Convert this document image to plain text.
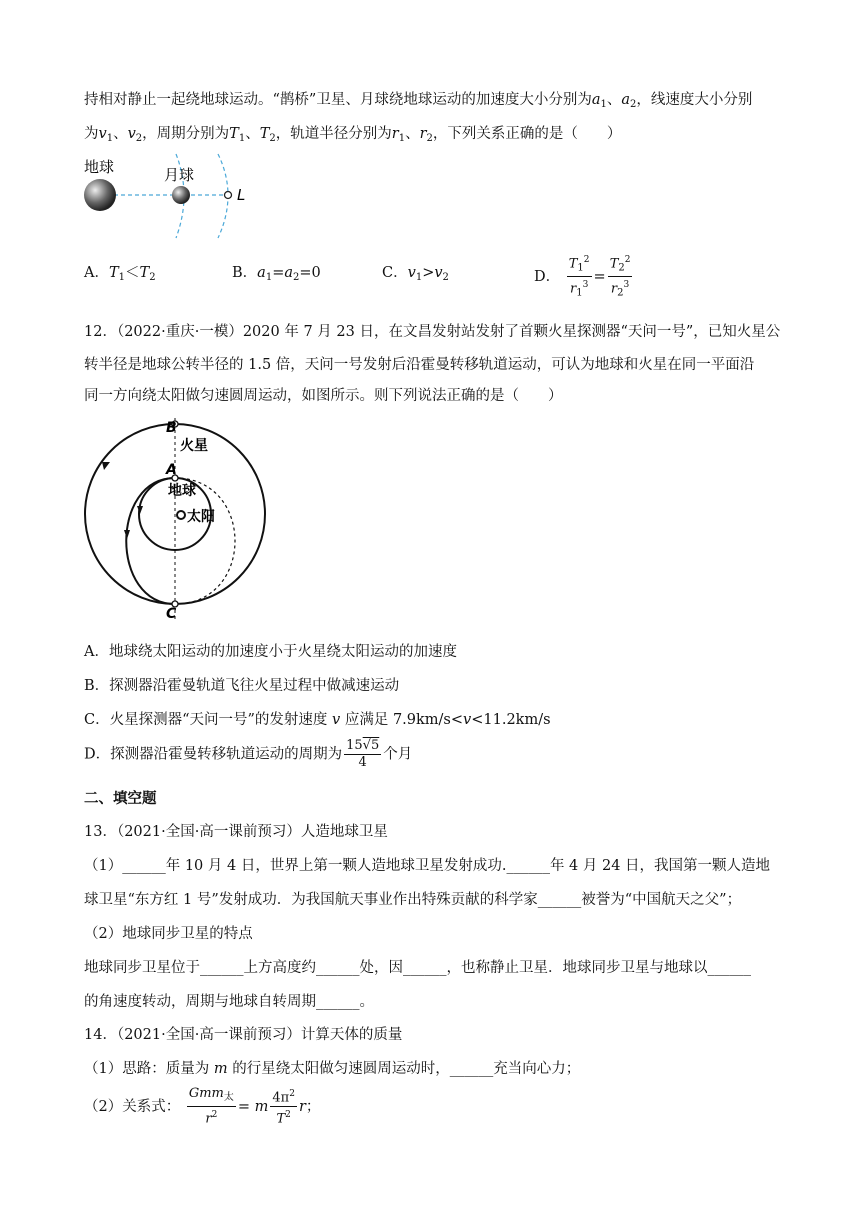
持相对静止一起绕地球运动。“鹊桥”卫星、月球绕地球运动的加速度大小分别为$a_1$、$a_2$，线速度大小分别
为$v_1$、$v_2$，周期分别为$T_1$、$T_2$，轨道半径分别为$r_1$、$r_2$，下列关系正确的是（　　）
地球	月球
L
A．$T_1<T_2$	B．$a_1=a_2=0$	C．$v_1>v_2$	D． $\frac{T_1^2}{r_1^3} = \frac{T_2^2}{r_2^3}$
12．（2022·重庆·一模）2020 年 7 月 23 日，在文昌发射站发射了首颗火星探测器“天问一号”，已知火星公
转半径是地球公转半径的 1.5 倍，天问一号发射后沿霍曼转移轨道运动，可认为地球和火星在同一平面沿
同一方向绕太阳做匀速圆周运动，如图所示。则下列说法正确的是（　　）
B
A
C
火星
地球
太阳
A．地球绕太阳运动的加速度小于火星绕太阳运动的加速度
B．探测器沿霍曼轨道飞往火星过程中做减速运动
C．火星探测器“天问一号”的发射速度 v 应满足 7.9km/s<v<11.2km/s
D．探测器沿霍曼转移轨道运动的周期为 $\frac{15√5}{4}$ 个月
二、填空题
13．（2021·全国·高一课前预习）人造地球卫星
（1）______年 10 月 4 日，世界上第一颗人造地球卫星发射成功.______年 4 月 24 日，我国第一颗人造地
球卫星“东方红 1 号”发射成功．为我国航天事业作出特殊贡献的科学家______被誉为“中国航天之父”；
（2）地球同步卫星的特点
地球同步卫星位于______上方高度约______处，因______，也称静止卫星．地球同步卫星与地球以______
的角速度转动，周期与地球自转周期______。
14．（2021·全国·高一课前预习）计算天体的质量
（1）思路：质量为 m 的行星绕太阳做匀速圆周运动时，______充当向心力；
（2）关系式： $\frac{Gmm_太}{r^2} = m \frac{4\pi^2}{T^2}$ r；
